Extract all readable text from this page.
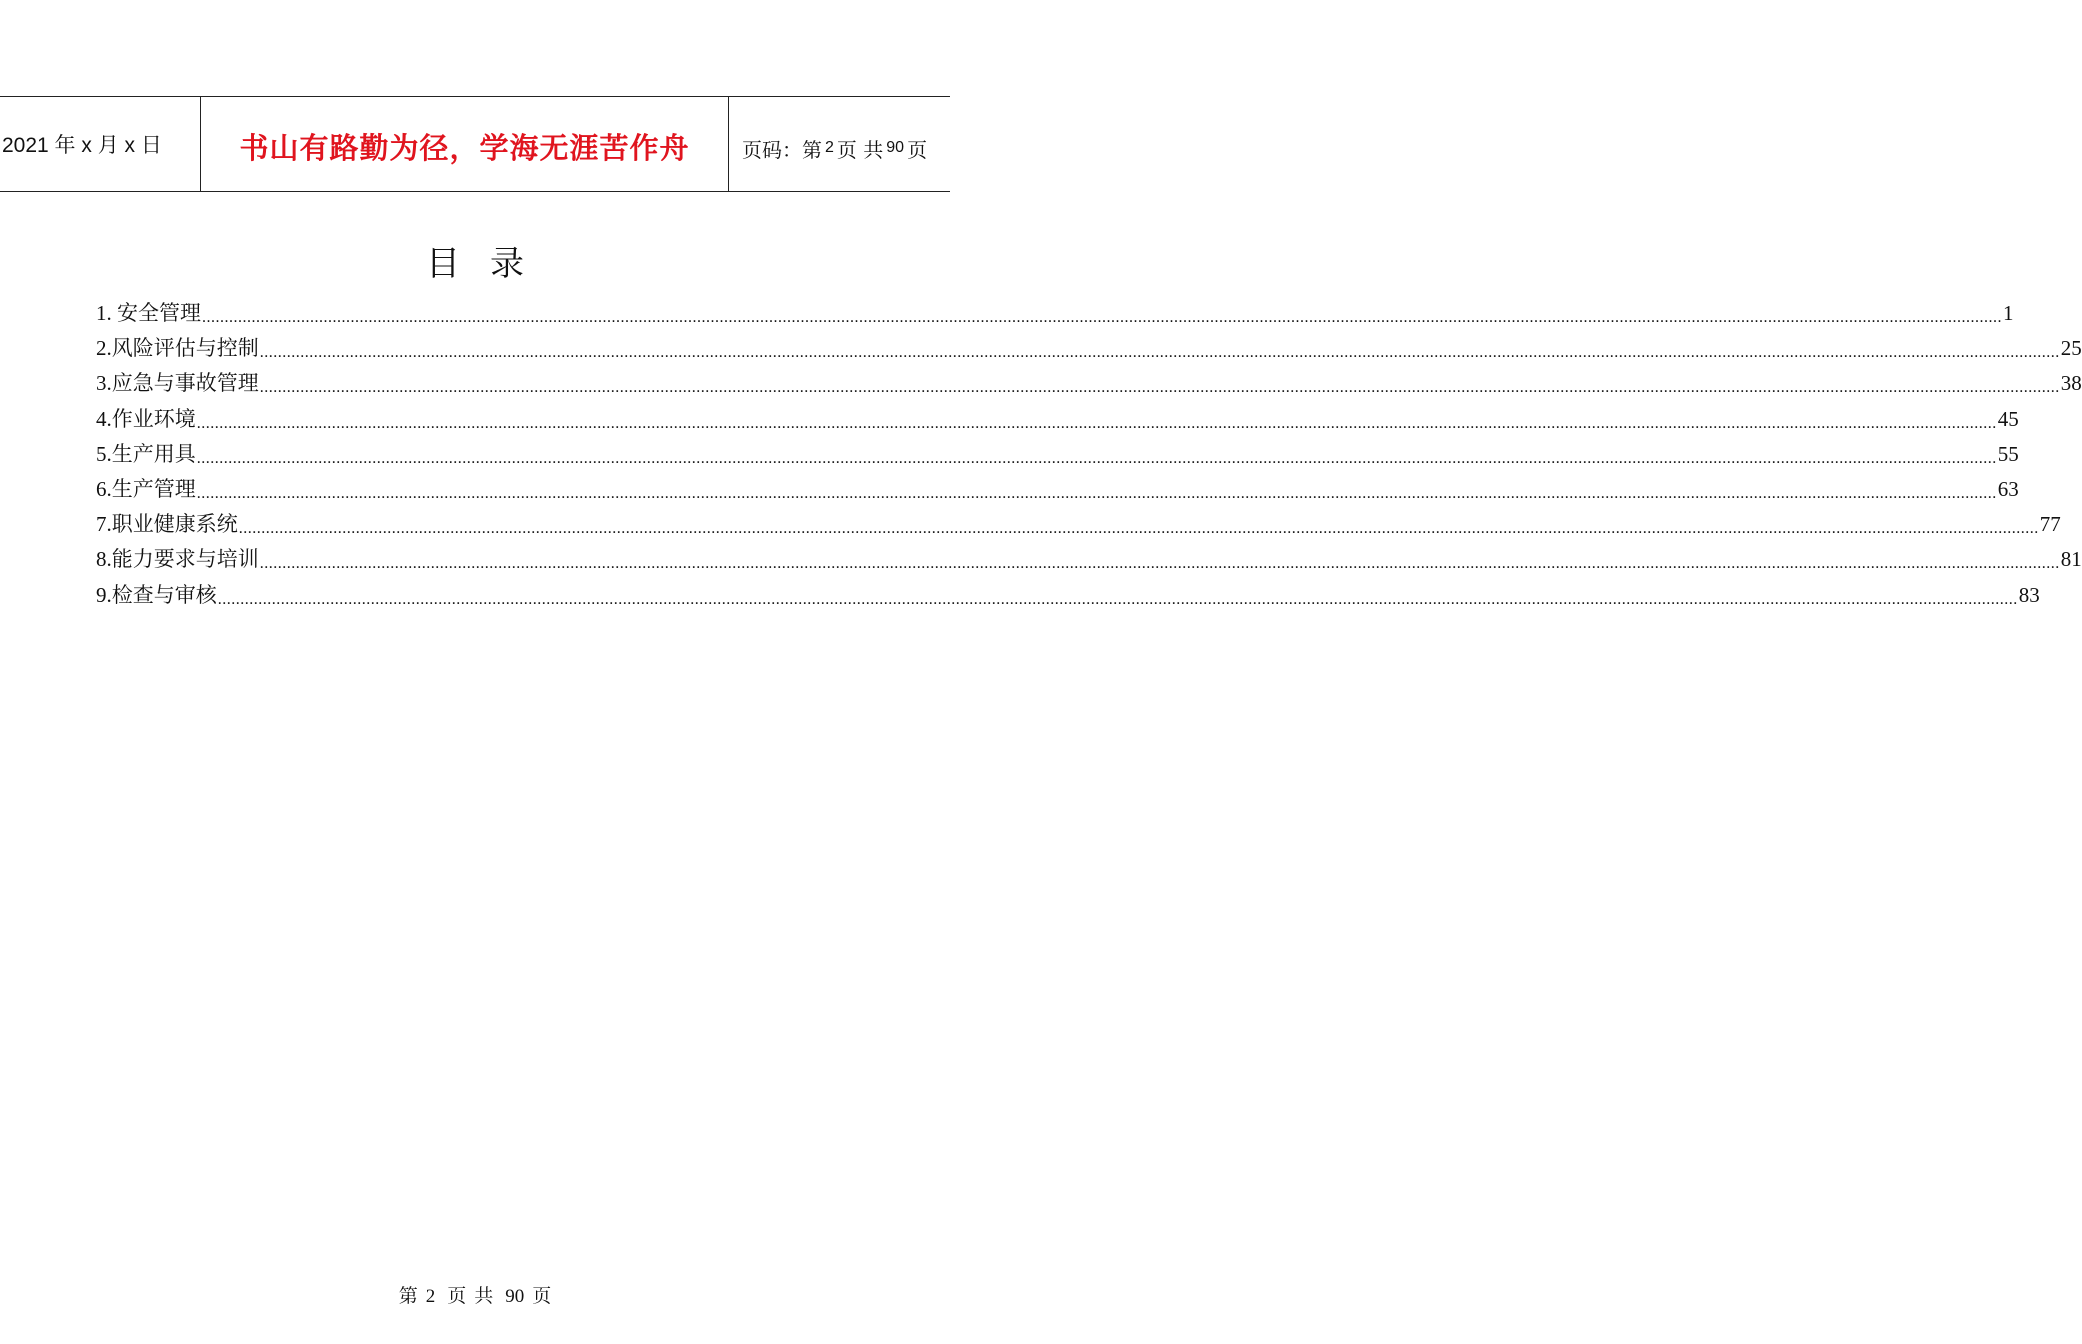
2021 年 x 月 x 日	书山有路勤为径，学海无涯苦作舟	页码：第 2 页 共 90 页
目录
1. 安全管理 ................................................................................................................................................................................................................................................................................................................................................................................................................ 1
2. 风险评估与控制 ................................................................................................................................................................................................................................................................................................................................................................................................................ 25
3. 应急与事故管理 ................................................................................................................................................................................................................................................................................................................................................................................................................ 38
4. 作业环境 ................................................................................................................................................................................................................................................................................................................................................................................................................ 45
5. 生产用具 ................................................................................................................................................................................................................................................................................................................................................................................................................ 55
6. 生产管理 ................................................................................................................................................................................................................................................................................................................................................................................................................ 63
7. 职业健康系统 ................................................................................................................................................................................................................................................................................................................................................................................................................ 77
8. 能力要求与培训 ................................................................................................................................................................................................................................................................................................................................................................................................................ 81
9. 检查与审核 ................................................................................................................................................................................................................................................................................................................................................................................................................ 83
第 2 页 共 90 页
